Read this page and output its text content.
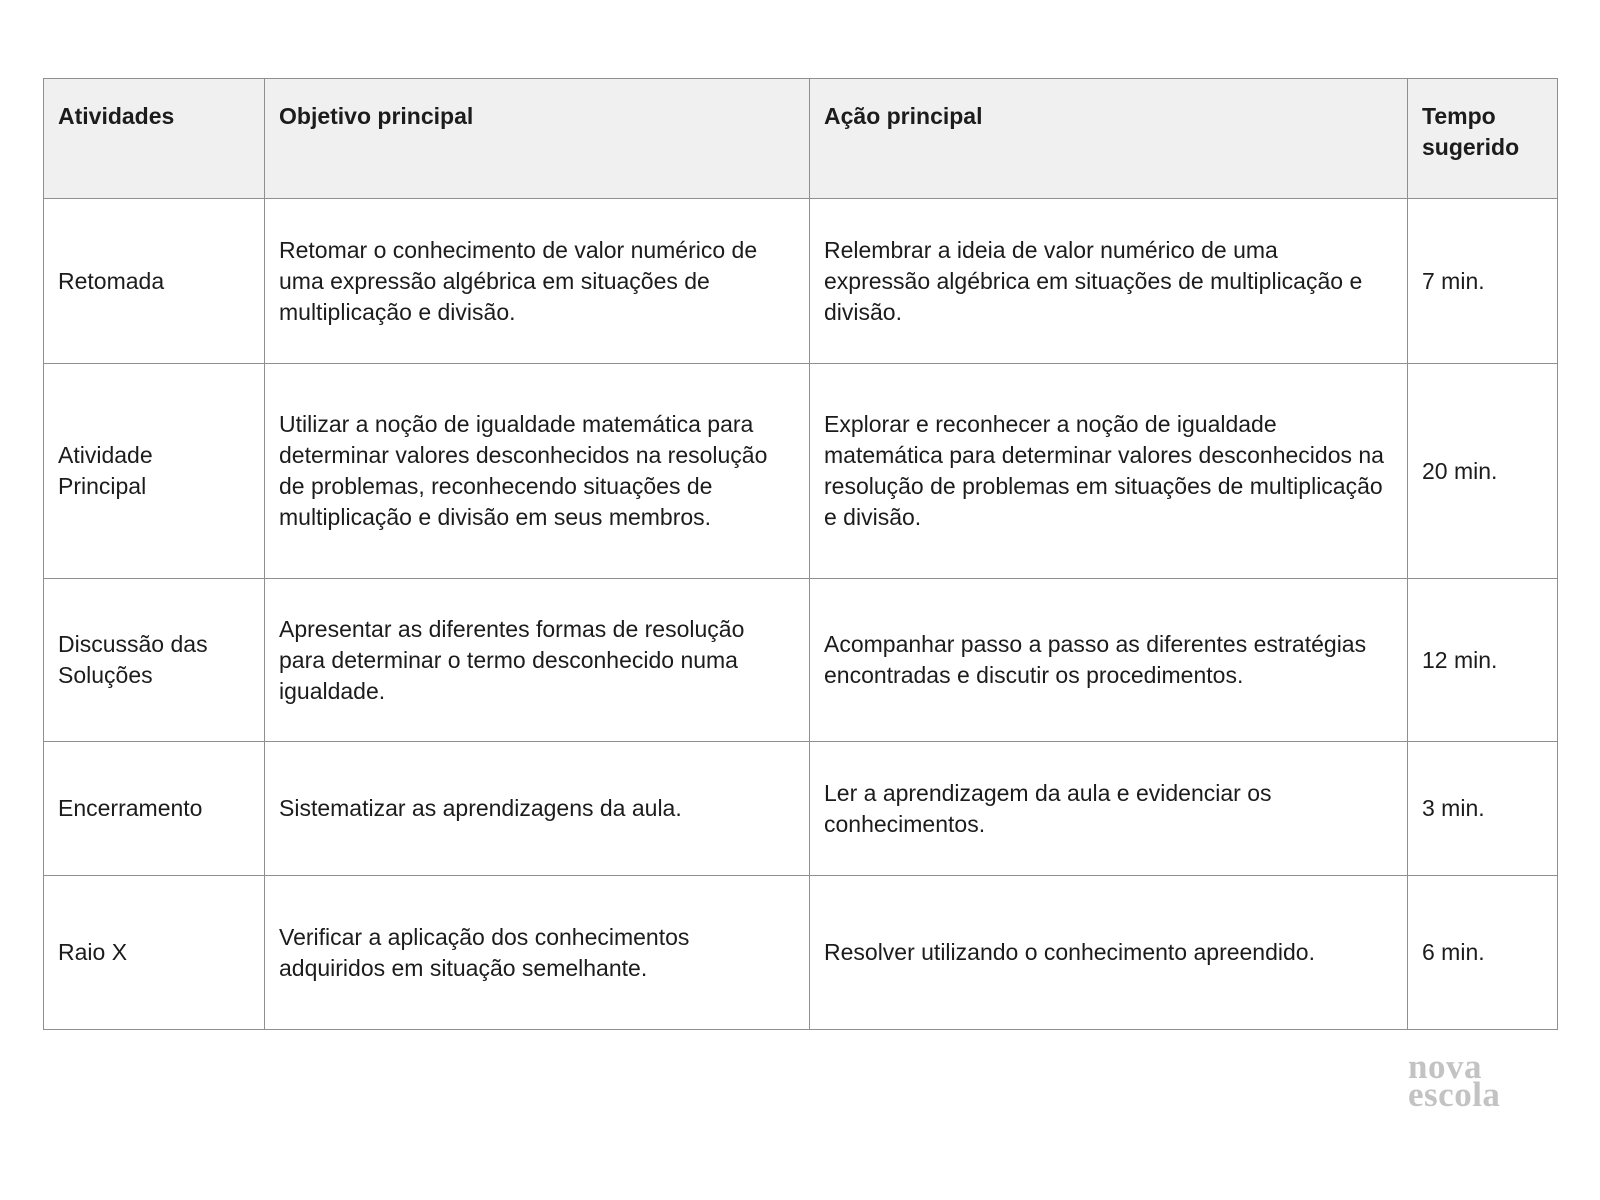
Atividades	Objetivo principal	Ação principal	Tempo sugerido
Retomada	Retomar o conhecimento de valor numérico de uma expressão algébrica em situações de multiplicação e divisão.	Relembrar a ideia de valor numérico de uma expressão algébrica em situações de multiplicação e divisão.	7 min.
Atividade Principal	Utilizar a noção de igualdade matemática para determinar valores desconhecidos na resolução de problemas, reconhecendo situações de multiplicação e divisão em seus membros.	Explorar e reconhecer a noção de igualdade matemática para determinar valores desconhecidos na resolução de problemas em situações de multiplicação e divisão.	20 min.
Discussão das Soluções	Apresentar as diferentes formas de resolução para determinar o termo desconhecido numa igualdade.	Acompanhar passo a passo as diferentes estratégias encontradas e discutir os procedimentos.	12 min.
Encerramento	Sistematizar as aprendizagens da aula.	Ler a aprendizagem da aula e evidenciar os conhecimentos.	3 min.
Raio X	Verificar a aplicação dos conhecimentos adquiridos em situação semelhante.	Resolver utilizando o conhecimento apreendido.	6 min.
nova
escola
